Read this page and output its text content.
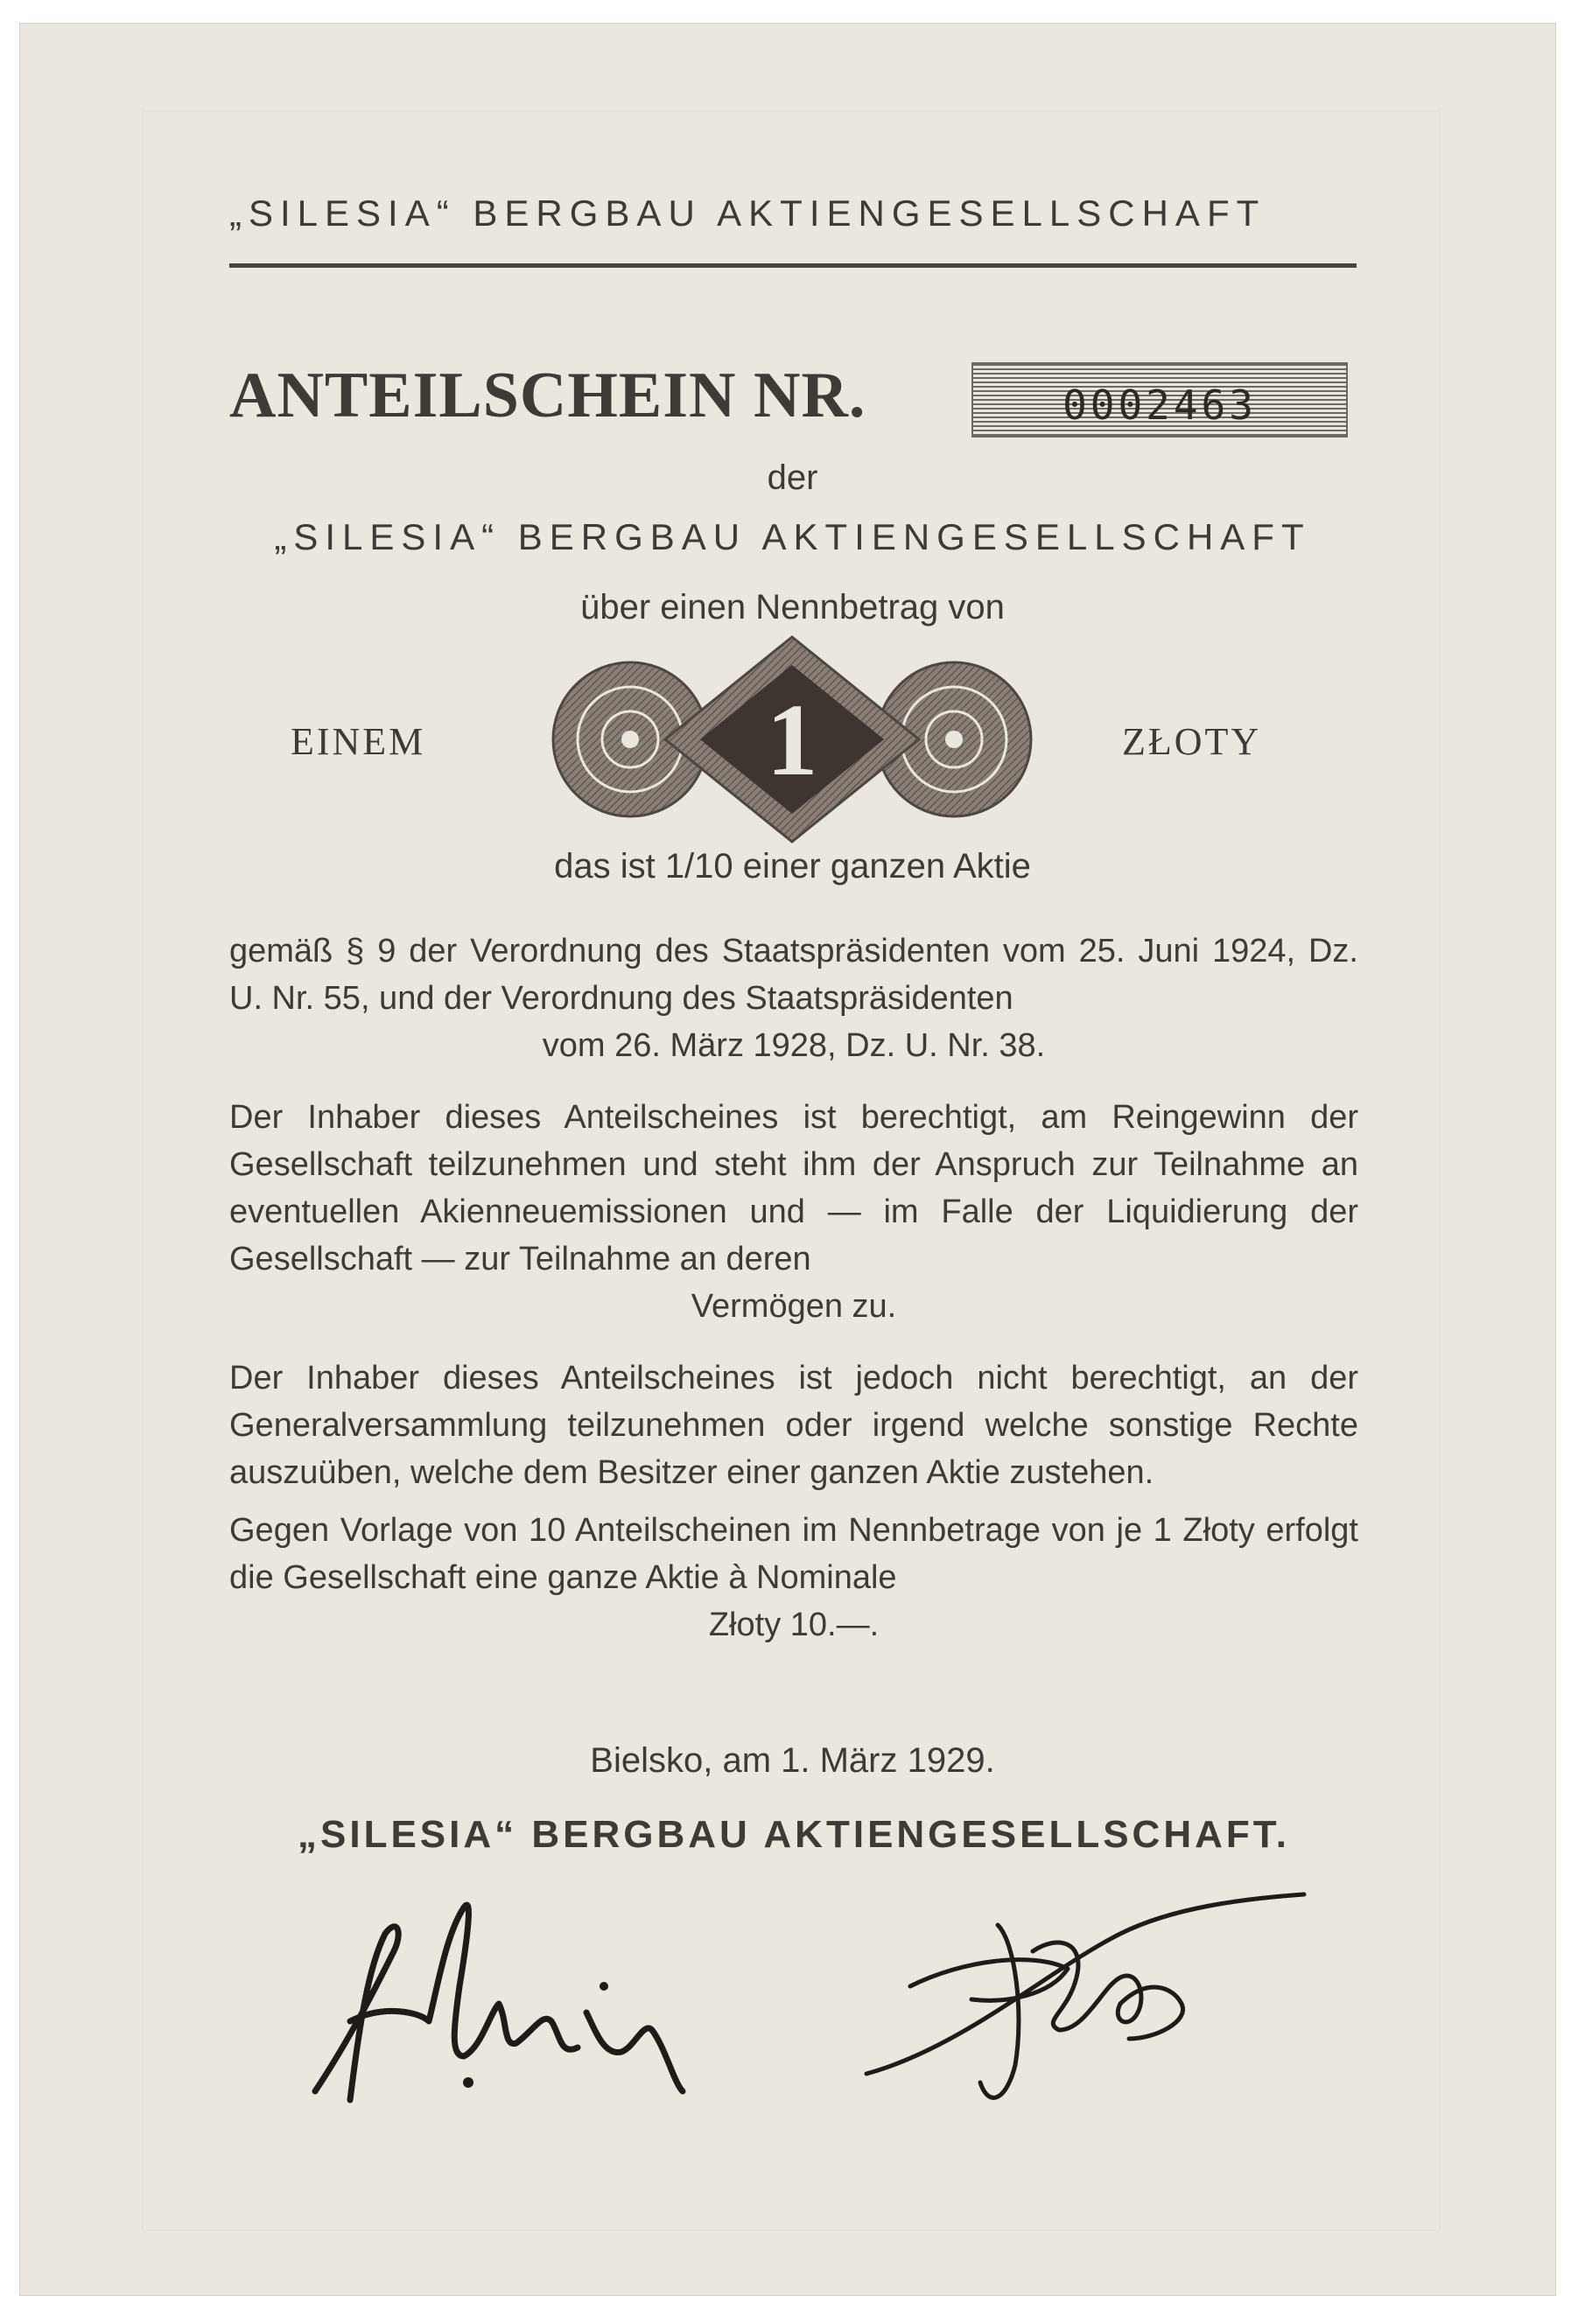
„SILESIA“ BERGBAU AKTIENGESELLSCHAFT
ANTEILSCHEIN NR.	0002463
der
„SILESIA“ BERGBAU AKTIENGESELLSCHAFT
über einen Nennbetrag von
EINEM	ZŁOTY
1
das ist 1/10 einer ganzen Aktie
gemäß § 9 der Verordnung des Staatspräsidenten vom 25. Juni 1924, Dz. U. Nr. 55, und der Verordnung des Staatspräsidenten
vom 26. März 1928, Dz. U. Nr. 38.
Der Inhaber dieses Anteilscheines ist berechtigt, am Reingewinn der Gesellschaft teilzunehmen und steht ihm der Anspruch zur Teilnahme an eventuellen Akienneuemissionen und — im Falle der Liquidierung der Gesellschaft — zur Teilnahme an deren
Vermögen zu.
Der Inhaber dieses Anteilscheines ist jedoch nicht berechtigt, an der Generalversammlung teilzunehmen oder irgend welche sonstige Rechte auszuüben, welche dem Besitzer einer ganzen Aktie zustehen.
Gegen Vorlage von 10 Anteilscheinen im Nennbetrage von je 1 Złoty erfolgt die Gesellschaft eine ganze Aktie à Nominale
Złoty 10.—.
Bielsko, am 1. März 1929.
„SILESIA“ BERGBAU AKTIENGESELLSCHAFT.
